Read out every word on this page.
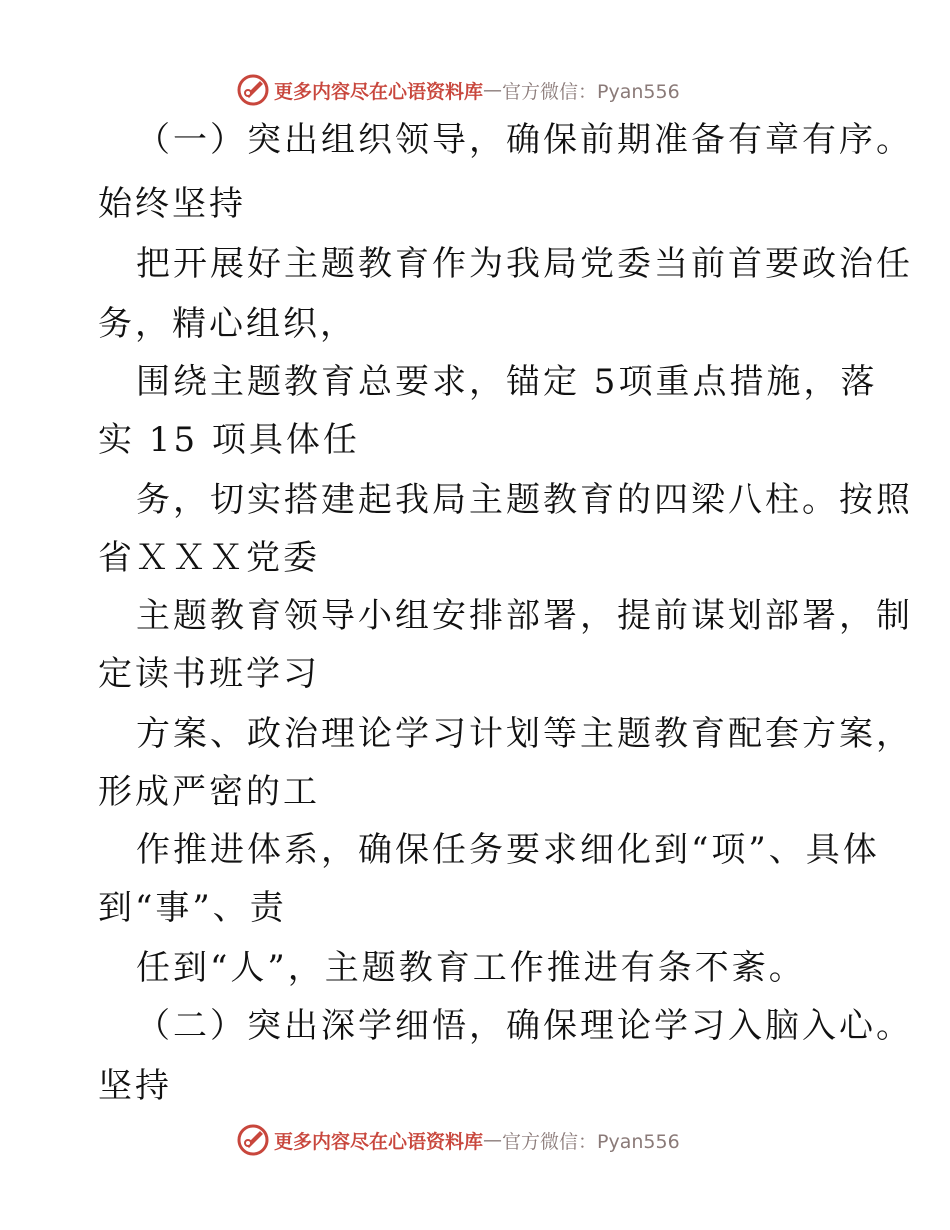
更多内容尽在心语资料库 — 官方微信：Pyan556
（一）突出组织领导，确保前期准备有章有序。
始终坚持
把开展好主题教育作为我局党委当前首要政治任
务，精心组织，
围绕主题教育总要求，锚定 5项重点措施，落
实 15 项具体任
务，切实搭建起我局主题教育的四梁八柱。按照
省ＸＸＸ党委
主题教育领导小组安排部署，提前谋划部署，制
定读书班学习
方案、政治理论学习计划等主题教育配套方案，
形成严密的工
作推进体系，确保任务要求细化到“项”、具体
到“事”、责
任到“人”，主题教育工作推进有条不紊。
（二）突出深学细悟，确保理论学习入脑入心。
坚持
更多内容尽在心语资料库 — 官方微信：Pyan556
